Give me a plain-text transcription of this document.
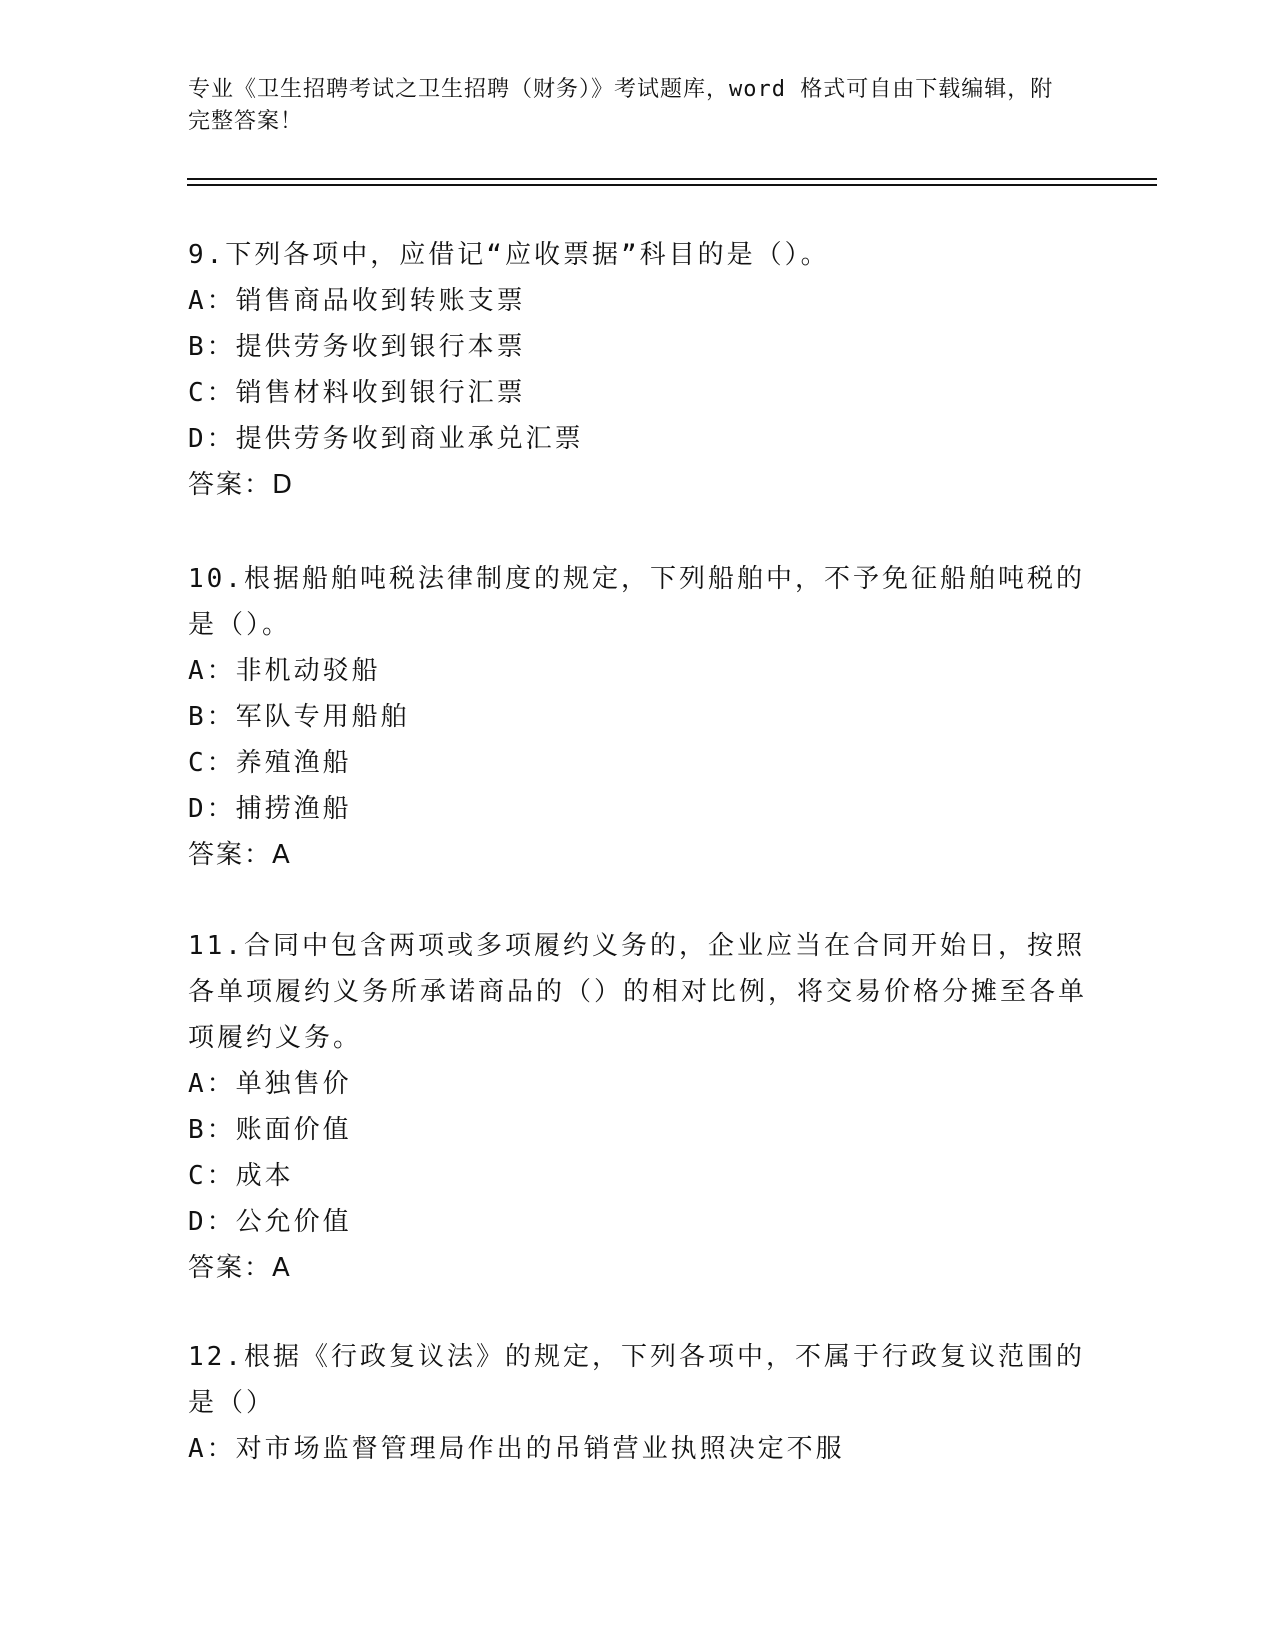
专业《卫生招聘考试之卫生招聘（财务）》考试题库，word 格式可自由下载编辑，附完整答案！

9.下列各项中，应借记“应收票据”科目的是（）。

A：销售商品收到转账支票

B：提供劳务收到银行本票

C：销售材料收到银行汇票

D：提供劳务收到商业承兑汇票

答案：D

10.根据船舶吨税法律制度的规定，下列船舶中，不予免征船舶吨税的是（）。

A：非机动驳船

B：军队专用船舶

C：养殖渔船

D：捕捞渔船

答案：A

11.合同中包含两项或多项履约义务的，企业应当在合同开始日，按照各单项履约义务所承诺商品的（）的相对比例，将交易价格分摊至各单项履约义务。

A：单独售价

B：账面价值

C：成本

D：公允价值

答案：A

12.根据《行政复议法》的规定，下列各项中，不属于行政复议范围的是（）

A：对市场监督管理局作出的吊销营业执照决定不服
